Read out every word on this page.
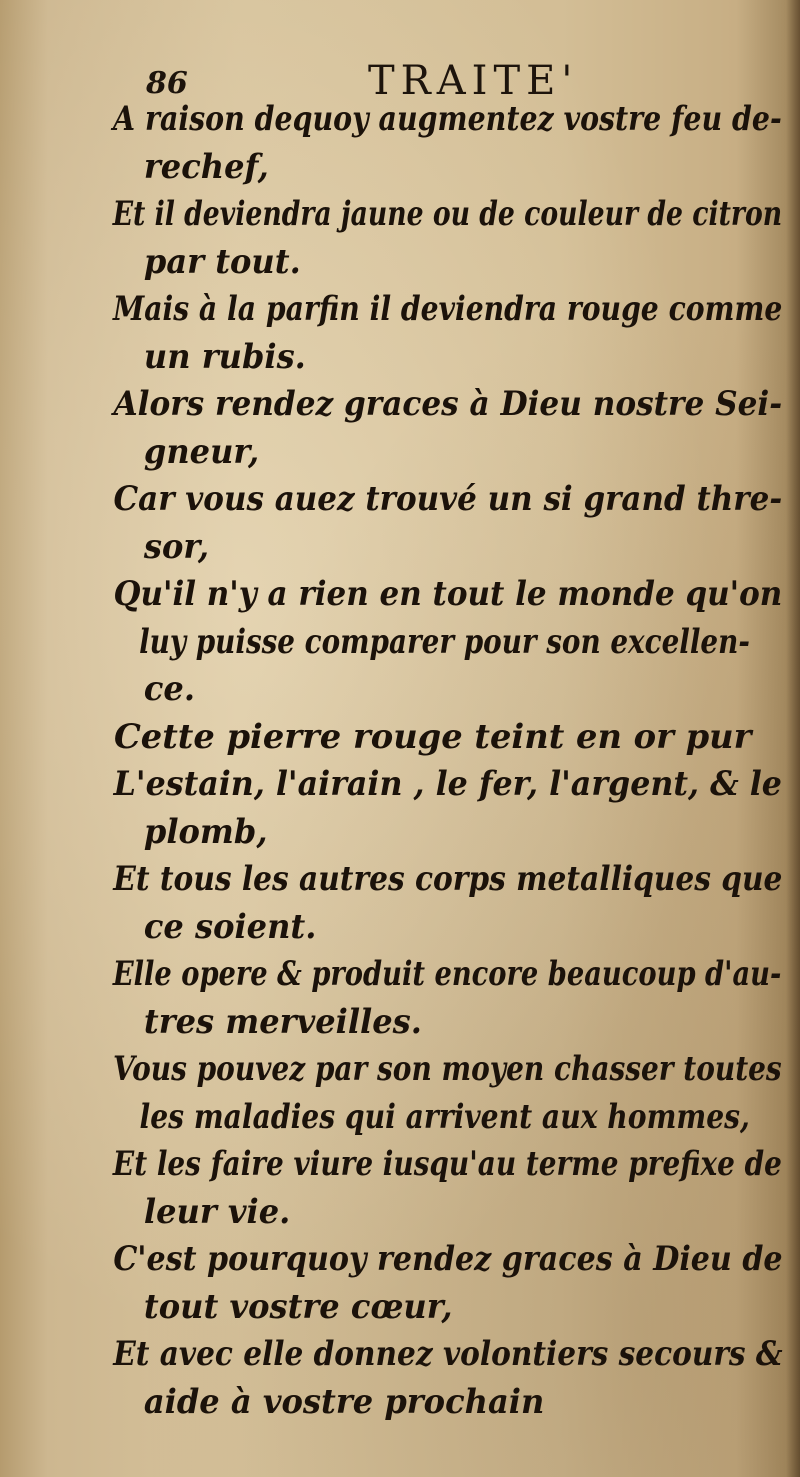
86	TRAITE'
A raison dequoy augmentez vostre feu de-
rechef,
Et il deviendra jaune ou de couleur de citron
par tout.
Mais à la parfin il deviendra rouge comme
un rubis.
Alors rendez graces à Dieu nostre Sei-
gneur,
Car vous auez trouvé un si grand thre-
sor,
Qu'il n'y a rien en tout le monde qu'on
luy puisse comparer pour son excellen-
ce.
Cette pierre rouge teint en or pur
L'estain, l'airain , le fer, l'argent, & le
plomb,
Et tous les autres corps metalliques que
ce soient.
Elle opere & produit encore beaucoup d'au-
tres merveilles.
Vous pouvez par son moyen chasser toutes
les maladies qui arrivent aux hommes,
Et les faire viure iusqu'au terme prefixe de
leur vie.
C'est pourquoy rendez graces à Dieu de
tout vostre cœur,
Et avec elle donnez volontiers secours &
aide à vostre prochain
